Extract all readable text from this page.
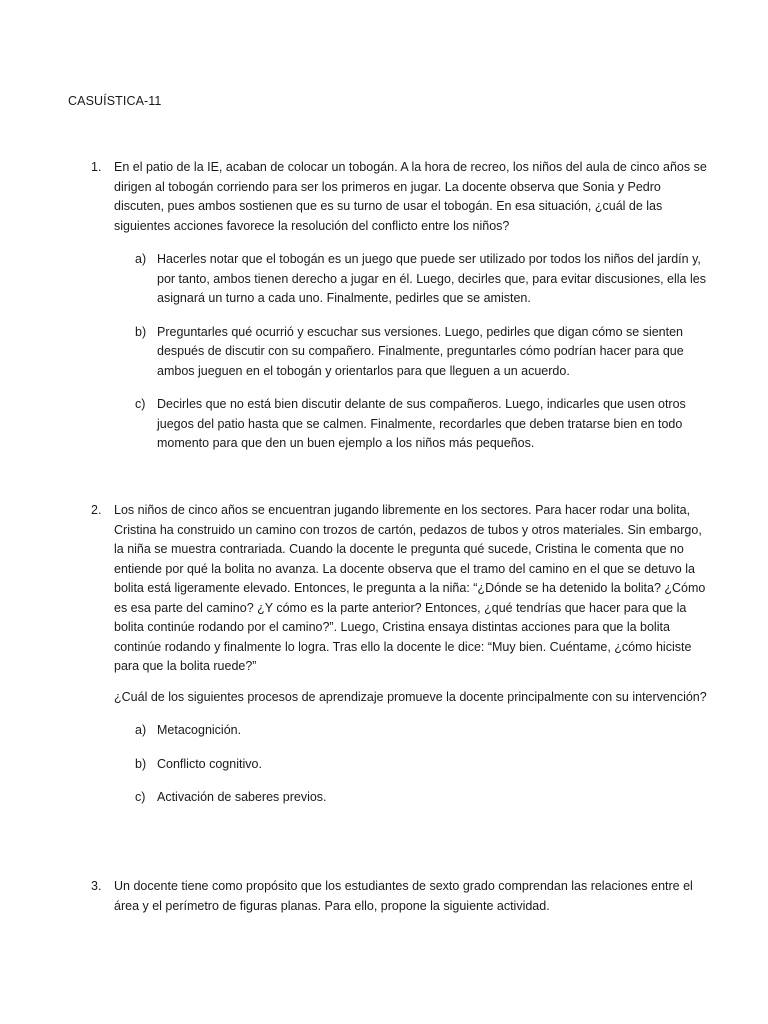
CASUÍSTICA-11
1.	En el patio de la IE, acaban de colocar un tobogán. A la hora de recreo, los niños del aula de cinco años se dirigen al tobogán corriendo para ser los primeros en jugar. La docente observa que Sonia y Pedro discuten, pues ambos sostienen que es su turno de usar el tobogán. En esa situación, ¿cuál de las siguientes acciones favorece la resolución del conflicto entre los niños?

a) Hacerles notar que el tobogán es un juego que puede ser utilizado por todos los niños del jardín y, por tanto, ambos tienen derecho a jugar en él. Luego, decirles que, para evitar discusiones, ella les asignará un turno a cada uno. Finalmente, pedirles que se amisten.
b) Preguntarles qué ocurrió y escuchar sus versiones. Luego, pedirles que digan cómo se sienten después de discutir con su compañero. Finalmente, preguntarles cómo podrían hacer para que ambos jueguen en el tobogán y orientarlos para que lleguen a un acuerdo.
c) Decirles que no está bien discutir delante de sus compañeros. Luego, indicarles que usen otros juegos del patio hasta que se calmen. Finalmente, recordarles que deben tratarse bien en todo momento para que den un buen ejemplo a los niños más pequeños.
2.	Los niños de cinco años se encuentran jugando libremente en los sectores. Para hacer rodar una bolita, Cristina ha construido un camino con trozos de cartón, pedazos de tubos y otros materiales. Sin embargo, la niña se muestra contrariada. Cuando la docente le pregunta qué sucede, Cristina le comenta que no entiende por qué la bolita no avanza. La docente observa que el tramo del camino en el que se detuvo la bolita está ligeramente elevado. Entonces, le pregunta a la niña: “¿Dónde se ha detenido la bolita? ¿Cómo es esa parte del camino? ¿Y cómo es la parte anterior? Entonces, ¿qué tendrías que hacer para que la bolita continúe rodando por el camino?”. Luego, Cristina ensaya distintas acciones para que la bolita continúe rodando y finalmente lo logra. Tras ello la docente le dice: “Muy bien. Cuéntame, ¿cómo hiciste para que la bolita ruede?”

¿Cuál de los siguientes procesos de aprendizaje promueve la docente principalmente con su intervención?

a) Metacognición.
b) Conflicto cognitivo.
c) Activación de saberes previos.
3.	Un docente tiene como propósito que los estudiantes de sexto grado comprendan las relaciones entre el área y el perímetro de figuras planas. Para ello, propone la siguiente actividad.
